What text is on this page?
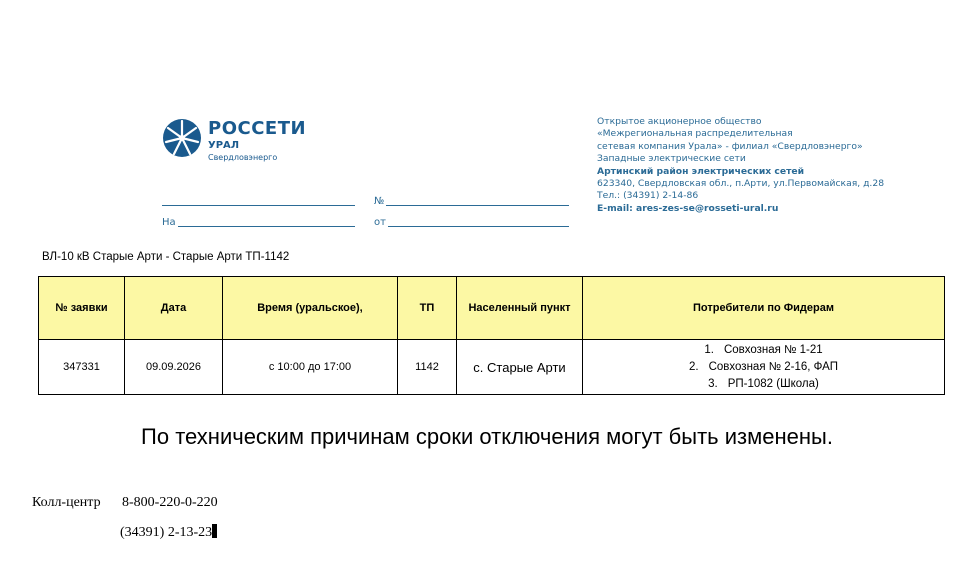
РОССЕТИ
УРАЛ
Свердловэнерго
Открытое акционерное общество
«Межрегиональная распределительная
сетевая компания Урала» - филиал «Свердловэнерго»
Западные электрические сети
Артинский район электрических сетей
623340, Свердловская обл., п.Арти, ул.Первомайская, д.28
Тел.: (34391) 2-14-86
E-mail: ares-zes-se@rosseti-ural.ru
№
На	от
ВЛ-10 кВ Старые Арти - Старые Арти ТП-1142
№ заявки	Дата	Время (уральское),	ТП	Населенный пункт	Потребители по Фидерам
347331	09.09.2026	с 10:00 до 17:00	1142	с. Старые Арти	1. Совхозная № 1-21
2. Совхозная № 2-16, ФАП
3. РП-1082 (Школа)
По техническим причинам сроки отключения могут быть изменены.
Колл-центр 8-800-220-0-220
(34391) 2-13-23
